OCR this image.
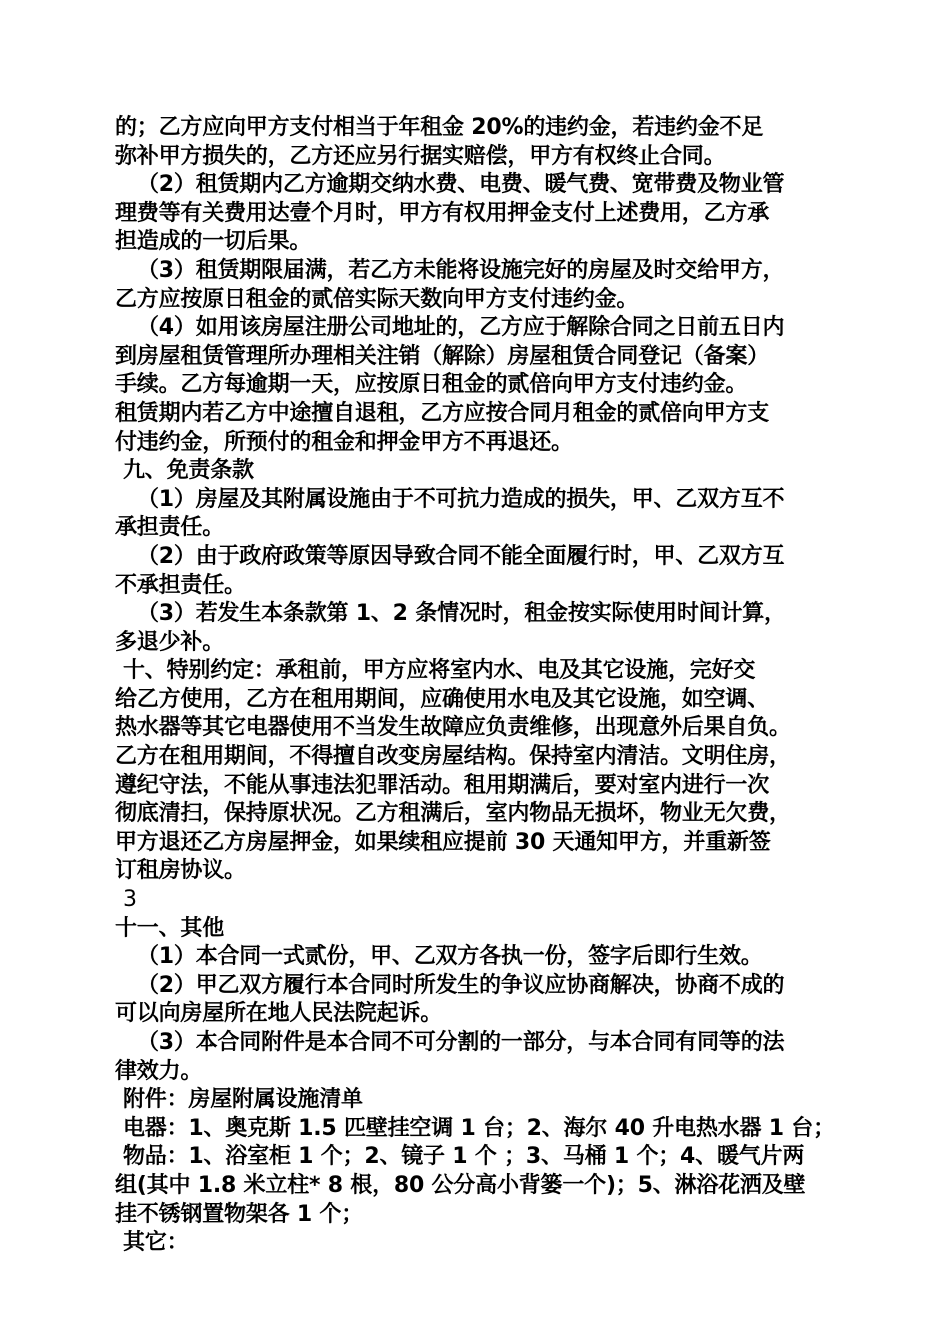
的；乙方应向甲方支付相当于年租金 20%的违约金，若违约金不足
弥补甲方损失的，乙方还应另行据实赔偿，甲方有权终止合同。
（2）租赁期内乙方逾期交纳水费、电费、暖气费、宽带费及物业管
理费等有关费用达壹个月时，甲方有权用押金支付上述费用，乙方承
担造成的一切后果。
（3）租赁期限届满，若乙方未能将设施完好的房屋及时交给甲方，
乙方应按原日租金的贰倍实际天数向甲方支付违约金。
（4）如用该房屋注册公司地址的，乙方应于解除合同之日前五日内
到房屋租赁管理所办理相关注销（解除）房屋租赁合同登记（备案）
手续。乙方每逾期一天，应按原日租金的贰倍向甲方支付违约金。
租赁期内若乙方中途擅自退租，乙方应按合同月租金的贰倍向甲方支
付违约金，所预付的租金和押金甲方不再退还。
九、免责条款
（1）房屋及其附属设施由于不可抗力造成的损失，甲、乙双方互不
承担责任。
（2）由于政府政策等原因导致合同不能全面履行时，甲、乙双方互
不承担责任。
（3）若发生本条款第 1、2 条情况时，租金按实际使用时间计算，
多退少补。
十、特别约定：承租前，甲方应将室内水、电及其它设施，完好交
给乙方使用，乙方在租用期间，应确使用水电及其它设施，如空调、
热水器等其它电器使用不当发生故障应负责维修，出现意外后果自负。
乙方在租用期间，不得擅自改变房屋结构。保持室内清洁。文明住房，
遵纪守法，不能从事违法犯罪活动。租用期满后，要对室内进行一次
彻底清扫，保持原状况。乙方租满后，室内物品无损坏，物业无欠费，
甲方退还乙方房屋押金，如果续租应提前 30 天通知甲方，并重新签
订租房协议。
3
十一、其他
（1）本合同一式贰份，甲、乙双方各执一份，签字后即行生效。
（2）甲乙双方履行本合同时所发生的争议应协商解决，协商不成的
可以向房屋所在地人民法院起诉。
（3）本合同附件是本合同不可分割的一部分，与本合同有同等的法
律效力。
附件：房屋附属设施清单
电器：1、奥克斯 1.5 匹壁挂空调 1 台；2、海尔 40 升电热水器 1 台；
物品：1、浴室柜 1 个；2、镜子 1 个 ；3、马桶 1 个；4、暖气片两
组(其中 1.8 米立柱* 8 根，80 公分高小背篓一个)；5、淋浴花洒及壁
挂不锈钢置物架各 1 个；
其它：
